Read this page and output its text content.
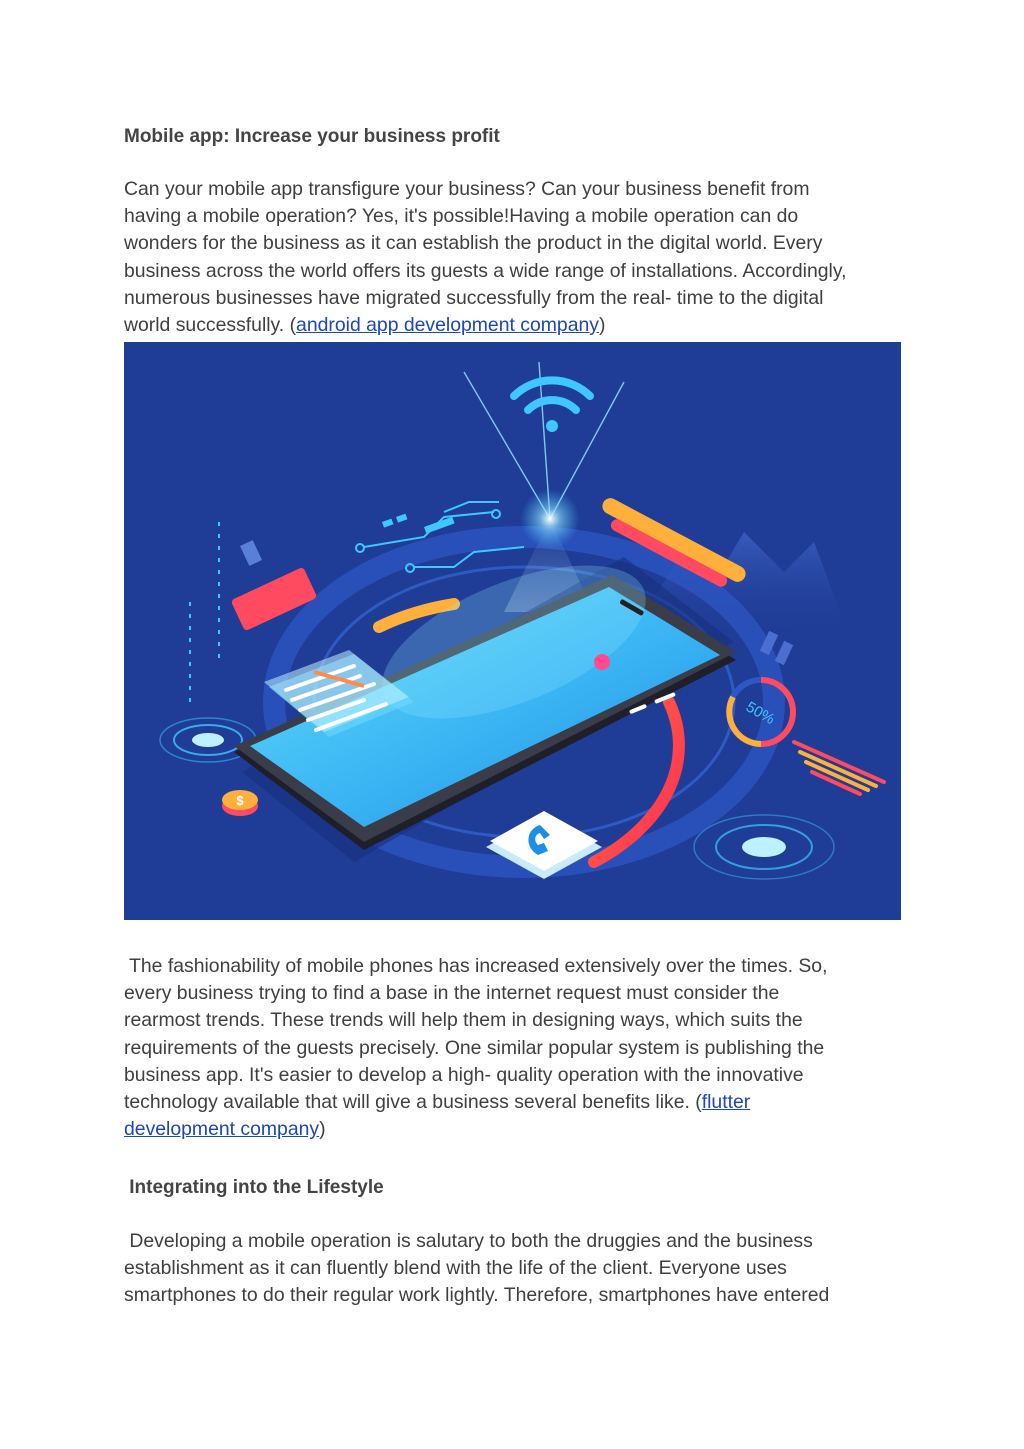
Mobile app: Increase your business profit
Can your mobile app transfigure your business? Can your business benefit from
having a mobile operation? Yes, it's possible!Having a mobile operation can do
wonders for the business as it can establish the product in the digital world. Every
business across the world offers its guests a wide range of installations. Accordingly,
numerous businesses have migrated successfully from the real- time to the digital
world successfully. (android app development company)
50%
$
The fashionability of mobile phones has increased extensively over the times. So,
every business trying to find a base in the internet request must consider the
rearmost trends. These trends will help them in designing ways, which suits the
requirements of the guests precisely. One similar popular system is publishing the
business app. It's easier to develop a high- quality operation with the innovative
technology available that will give a business several benefits like. (flutter
development company)
Integrating into the Lifestyle
Developing a mobile operation is salutary to both the druggies and the business
establishment as it can fluently blend with the life of the client. Everyone uses
smartphones to do their regular work lightly. Therefore, smartphones have entered
